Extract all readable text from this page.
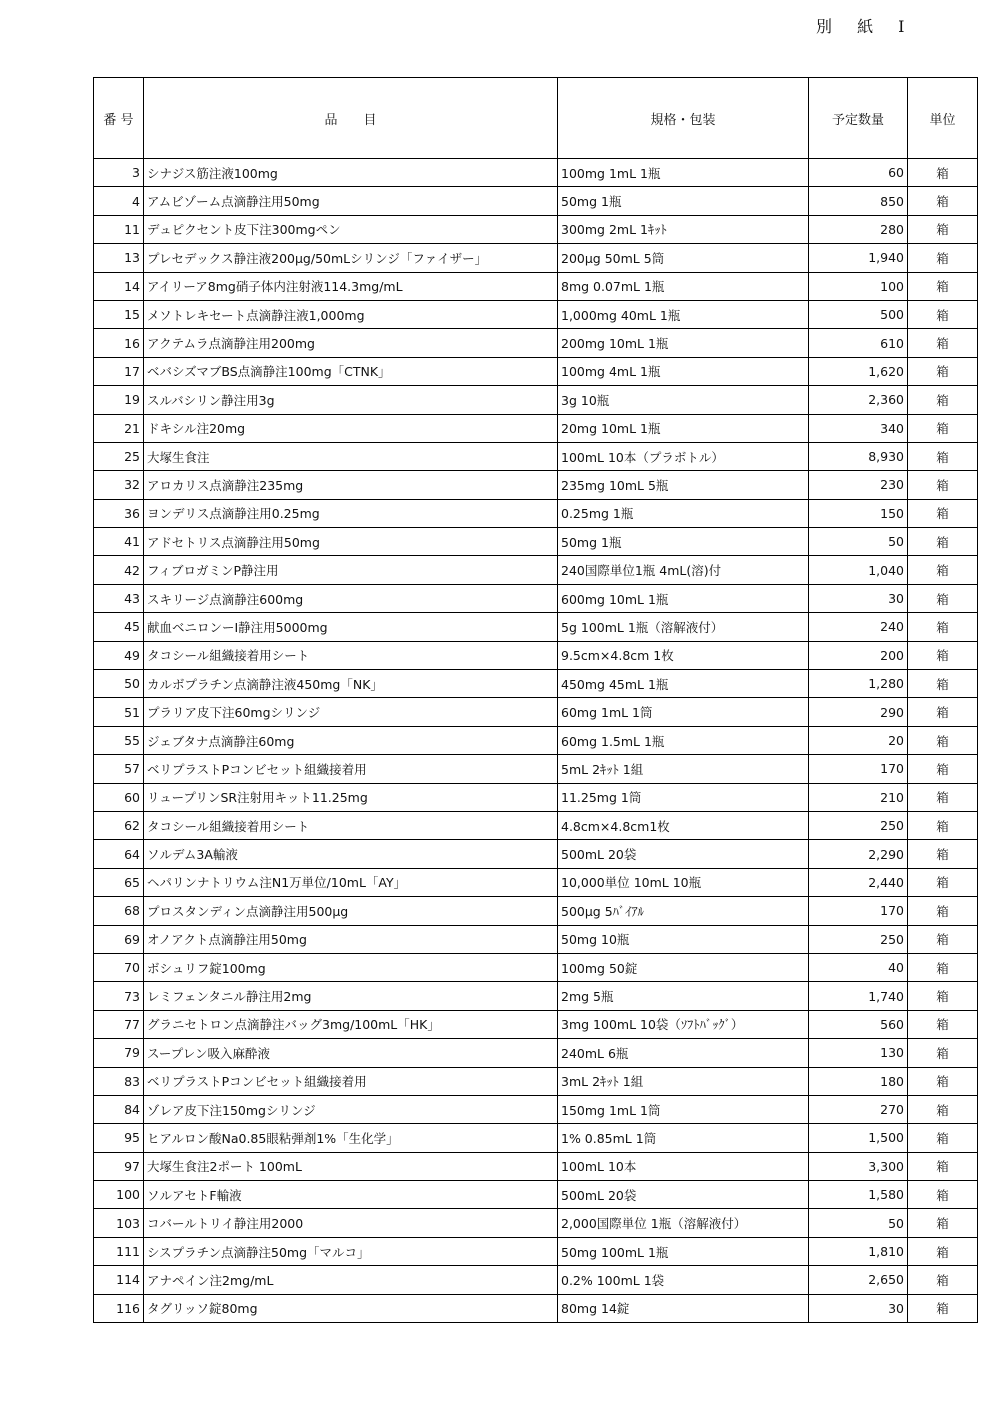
別 紙 Ⅰ
番 号	品　　目	規格・包装	予定数量	単位
3	シナジス筋注液100mg	100mg 1mL 1瓶	60	箱
4	アムビゾーム点滴静注用50mg	50mg 1瓶	850	箱
11	デュピクセント皮下注300mgペン	300mg 2mL 1ｷｯﾄ	280	箱
13	プレセデックス静注液200μg/50mLシリンジ「ファイザー」	200μg 50mL 5筒	1,940	箱
14	アイリーア8mg硝子体内注射液114.3mg/mL	8mg 0.07mL 1瓶	100	箱
15	メソトレキセート点滴静注液1,000mg	1,000mg 40mL 1瓶	500	箱
16	アクテムラ点滴静注用200mg	200mg 10mL 1瓶	610	箱
17	ベバシズマブBS点滴静注100mg「CTNK」	100mg 4mL 1瓶	1,620	箱
19	スルバシリン静注用3g	3g 10瓶	2,360	箱
21	ドキシル注20mg	20mg 10mL 1瓶	340	箱
25	大塚生食注	100mL 10本（プラボトル）	8,930	箱
32	アロカリス点滴静注235mg	235mg 10mL 5瓶	230	箱
36	ヨンデリス点滴静注用0.25mg	0.25mg 1瓶	150	箱
41	アドセトリス点滴静注用50mg	50mg 1瓶	50	箱
42	フィブロガミンP静注用	240国際単位1瓶 4mL(溶)付	1,040	箱
43	スキリージ点滴静注600mg	600mg 10mL 1瓶	30	箱
45	献血ベニロンーI静注用5000mg	5g 100mL 1瓶（溶解液付）	240	箱
49	タコシール組織接着用シート	9.5cm×4.8cm 1枚	200	箱
50	カルボプラチン点滴静注液450mg「NK」	450mg 45mL 1瓶	1,280	箱
51	プラリア皮下注60mgシリンジ	60mg 1mL 1筒	290	箱
55	ジェブタナ点滴静注60mg	60mg 1.5mL 1瓶	20	箱
57	ベリプラストPコンビセット組織接着用	5mL 2ｷｯﾄ 1組	170	箱
60	リュープリンSR注射用キット11.25mg	11.25mg 1筒	210	箱
62	タコシール組織接着用シート	4.8cm×4.8cm1枚	250	箱
64	ソルデム3A輸液	500mL 20袋	2,290	箱
65	ヘパリンナトリウム注N1万単位/10mL「AY」	10,000単位 10mL 10瓶	2,440	箱
68	プロスタンディン点滴静注用500μg	500μg 5ﾊﾞｲｱﾙ	170	箱
69	オノアクト点滴静注用50mg	50mg 10瓶	250	箱
70	ボシュリフ錠100mg	100mg 50錠	40	箱
73	レミフェンタニル静注用2mg	2mg 5瓶	1,740	箱
77	グラニセトロン点滴静注バッグ3mg/100mL「HK」	3mg 100mL 10袋（ｿﾌﾄﾊﾞｯｸﾞ）	560	箱
79	スープレン吸入麻酔液	240mL 6瓶	130	箱
83	ベリプラストPコンビセット組織接着用	3mL 2ｷｯﾄ 1組	180	箱
84	ゾレア皮下注150mgシリンジ	150mg 1mL 1筒	270	箱
95	ヒアルロン酸Na0.85眼粘弾剤1%「生化学」	1% 0.85mL 1筒	1,500	箱
97	大塚生食注2ポート 100mL	100mL 10本	3,300	箱
100	ソルアセトF輸液	500mL 20袋	1,580	箱
103	コバールトリイ静注用2000	2,000国際単位 1瓶（溶解液付）	50	箱
111	シスプラチン点滴静注50mg「マルコ」	50mg 100mL 1瓶	1,810	箱
114	アナペイン注2mg/mL	0.2% 100mL 1袋	2,650	箱
116	タグリッソ錠80mg	80mg 14錠	30	箱
